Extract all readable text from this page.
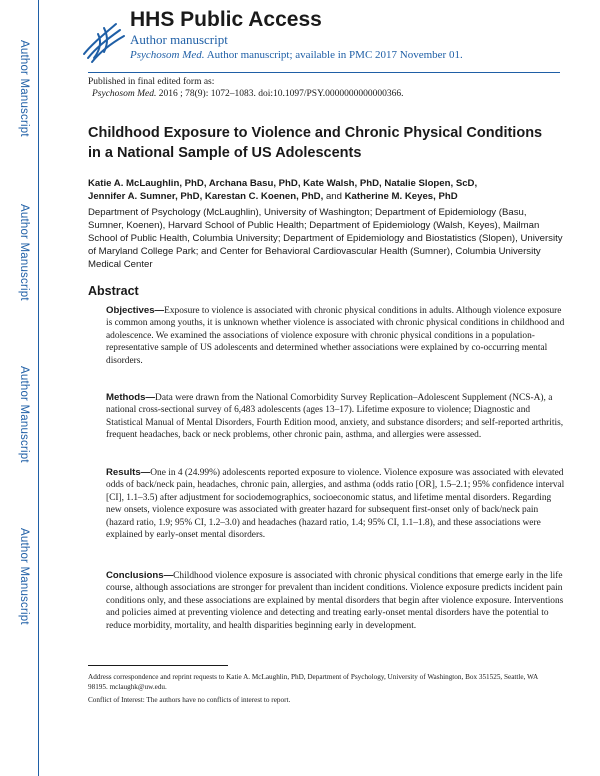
Author Manuscript
Author Manuscript
Author Manuscript
Author Manuscript
HHS Public Access
Author manuscript
Psychosom Med. Author manuscript; available in PMC 2017 November 01.
Published in final edited form as:
Psychosom Med. 2016 ; 78(9): 1072–1083. doi:10.1097/PSY.0000000000000366.
Childhood Exposure to Violence and Chronic Physical Conditions in a National Sample of US Adolescents
Katie A. McLaughlin, PhD, Archana Basu, PhD, Kate Walsh, PhD, Natalie Slopen, ScD,
Jennifer A. Sumner, PhD, Karestan C. Koenen, PhD, and Katherine M. Keyes, PhD
Department of Psychology (McLaughlin), University of Washington; Department of Epidemiology (Basu, Sumner, Koenen), Harvard School of Public Health; Department of Epidemiology (Walsh, Keyes), Mailman School of Public Health, Columbia University; Department of Epidemiology and Biostatistics (Slopen), University of Maryland College Park; and Center for Behavioral Cardiovascular Health (Sumner), Columbia University Medical Center
Abstract
Objectives—Exposure to violence is associated with chronic physical conditions in adults. Although violence exposure is common among youths, it is unknown whether violence is associated with chronic physical conditions in childhood and adolescence. We examined the associations of violence exposure with chronic physical conditions in a population-representative sample of US adolescents and determined whether associations were explained by co-occurring mental disorders.
Methods—Data were drawn from the National Comorbidity Survey Replication–Adolescent Supplement (NCS-A), a national cross-sectional survey of 6,483 adolescents (ages 13–17). Lifetime exposure to violence; Diagnostic and Statistical Manual of Mental Disorders, Fourth Edition mood, anxiety, and substance disorders; and self-reported arthritis, frequent headaches, back or neck problems, other chronic pain, asthma, and allergies were assessed.
Results—One in 4 (24.99%) adolescents reported exposure to violence. Violence exposure was associated with elevated odds of back/neck pain, headaches, chronic pain, allergies, and asthma (odds ratio [OR], 1.5–2.1; 95% confidence interval [CI], 1.1–3.5) after adjustment for sociodemographics, socioeconomic status, and lifetime mental disorders. Regarding new onsets, violence exposure was associated with greater hazard for subsequent first-onset only of back/neck pain (hazard ratio, 1.9; 95% CI, 1.2–3.0) and headaches (hazard ratio, 1.4; 95% CI, 1.1–1.8), and these associations were explained by early-onset mental disorders.
Conclusions—Childhood violence exposure is associated with chronic physical conditions that emerge early in the life course, although associations are stronger for prevalent than incident conditions. Violence exposure predicts incident pain conditions only, and these associations are explained by mental disorders that begin after violence exposure. Interventions and policies aimed at preventing violence and detecting and treating early-onset mental disorders have the potential to reduce morbidity, mortality, and health disparities beginning early in development.
Address correspondence and reprint requests to Katie A. McLaughlin, PhD, Department of Psychology, University of Washington, Box 351525, Seattle, WA 98195. mclaughk@uw.edu.
Conflict of Interest: The authors have no conflicts of interest to report.
